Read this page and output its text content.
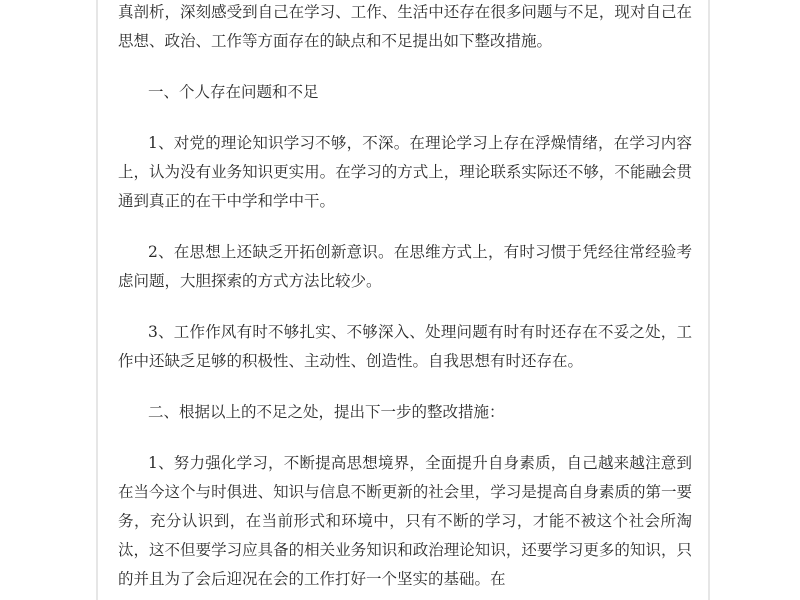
真剖析，深刻感受到自己在学习、工作、生活中还存在很多问题与不足，现对自己在思想、政治、工作等方面存在的缺点和不足提出如下整改措施。

一、个人存在问题和不足

1、对党的理论知识学习不够，不深。在理论学习上存在浮燥情绪，在学习内容上，认为没有业务知识更实用。在学习的方式上，理论联系实际还不够，不能融会贯通到真正的在干中学和学中干。

2、在思想上还缺乏开拓创新意识。在思维方式上，有时习惯于凭经往常经验考虑问题，大胆探索的方式方法比较少。

3、工作作风有时不够扎实、不够深入、处理问题有时有时还存在不妥之处，工作中还缺乏足够的积极性、主动性、创造性。自我思想有时还存在。

二、根据以上的不足之处，提出下一步的整改措施：

1、努力强化学习，不断提高思想境界，全面提升自身素质，自己越来越注意到在当今这个与时俱进、知识与信息不断更新的社会里，学习是提高自身素质的第一要务，充分认识到，在当前形式和环境中，只有不断的学习，才能不被这个社会所淘汰，这不但要学习应具备的相关业务知识和政治理论知识，还要学习更多的知识，只的并且为了会后迎况在会的工作打好一个坚实的基础。在
